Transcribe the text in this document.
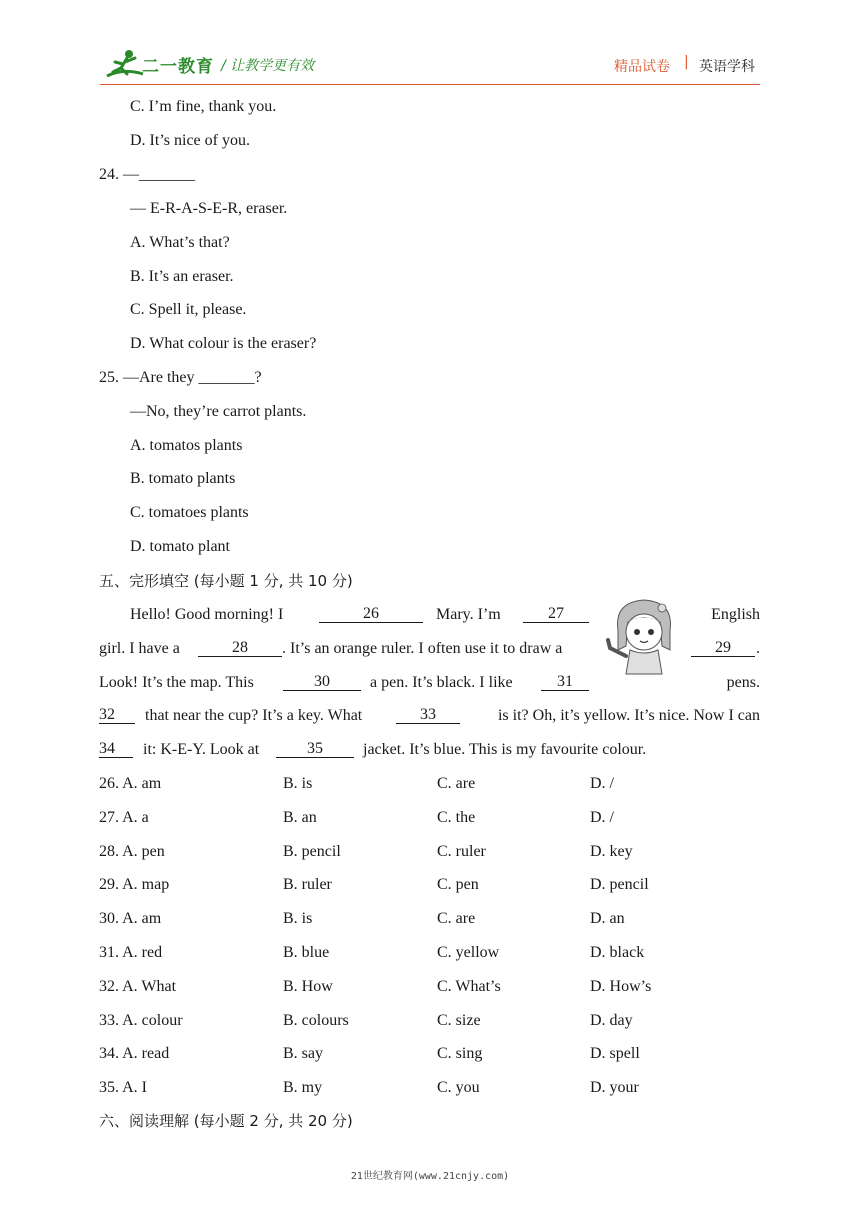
二一教育 / 让教学更有效	精品试卷 | 英语学科
C. I’m fine, thank you.
D. It’s nice of you.
24. —_______
— E-R-A-S-E-R, eraser.
A. What’s that?
B. It’s an eraser.
C. Spell it, please.
D. What colour is the eraser?
25. —Are they _______?
—No, they’re carrot plants.
A. tomatos plants
B. tomato plants
C. tomatoes plants
D. tomato plant
五、完形填空 (每小题 1 分, 共 10 分)
Hello! Good morning! I	26	Mary. I’m	27	English
girl. I have a	28	. It’s an orange ruler. I often use it to draw a	29	.
Look! It’s the map. This	30	a pen. It’s black. I like	31	pens.
32	that near the cup? It’s a key. What	33	is it? Oh, it’s yellow. It’s nice. Now I can
34	it: K-E-Y. Look at	35	jacket. It’s blue. This is my favourite colour.
26. A. am	B. is	C. are	D. /
27. A. a	B. an	C. the	D. /
28. A. pen	B. pencil	C. ruler	D. key
29. A. map	B. ruler	C. pen	D. pencil
30. A. am	B. is	C. are	D. an
31. A. red	B. blue	C. yellow	D. black
32. A. What	B. How	C. What’s	D. How’s
33. A. colour	B. colours	C. size	D. day
34. A. read	B. say	C. sing	D. spell
35. A. I	B. my	C. you	D. your
六、阅读理解 (每小题 2 分, 共 20 分)
21世纪教育网(www.21cnjy.com)
